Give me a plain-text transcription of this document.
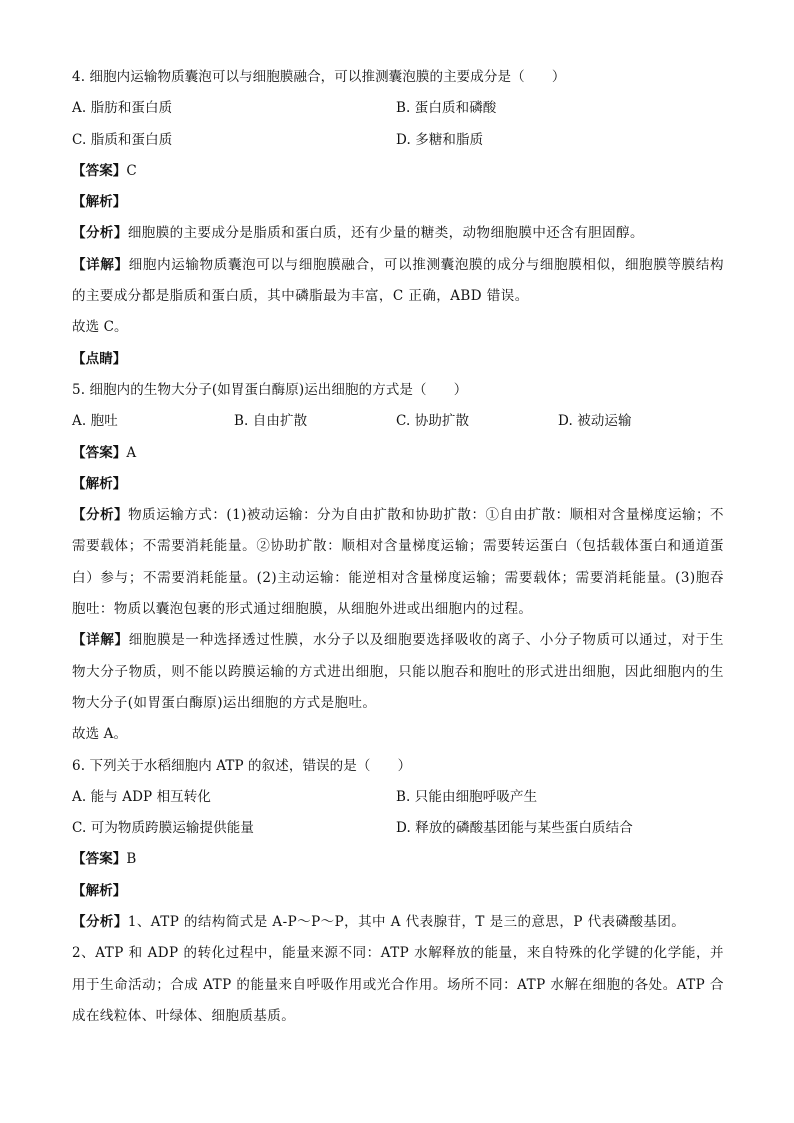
4. 细胞内运输物质囊泡可以与细胞膜融合，可以推测囊泡膜的主要成分是（　　）
A. 脂肪和蛋白质	B. 蛋白质和磷酸
C. 脂质和蛋白质	D. 多糖和脂质
【答案】C
【解析】
【分析】细胞膜的主要成分是脂质和蛋白质，还有少量的糖类，动物细胞膜中还含有胆固醇。
【详解】细胞内运输物质囊泡可以与细胞膜融合，可以推测囊泡膜的成分与细胞膜相似，细胞膜等膜结构的主要成分都是脂质和蛋白质，其中磷脂最为丰富，C 正确，ABD 错误。
故选 C。
【点睛】
5. 细胞内的生物大分子(如胃蛋白酶原)运出细胞的方式是（　　）
A. 胞吐	B. 自由扩散	C. 协助扩散	D. 被动运输
【答案】A
【解析】
【分析】物质运输方式：(1)被动运输：分为自由扩散和协助扩散：①自由扩散：顺相对含量梯度运输；不需要载体；不需要消耗能量。②协助扩散：顺相对含量梯度运输；需要转运蛋白（包括载体蛋白和通道蛋白）参与；不需要消耗能量。(2)主动运输：能逆相对含量梯度运输；需要载体；需要消耗能量。(3)胞吞胞吐：物质以囊泡包裹的形式通过细胞膜，从细胞外进或出细胞内的过程。
【详解】细胞膜是一种选择透过性膜，水分子以及细胞要选择吸收的离子、小分子物质可以通过，对于生物大分子物质，则不能以跨膜运输的方式进出细胞，只能以胞吞和胞吐的形式进出细胞，因此细胞内的生物大分子(如胃蛋白酶原)运出细胞的方式是胞吐。
故选 A。
6. 下列关于水稻细胞内 ATP 的叙述，错误的是（　　）
A. 能与 ADP 相互转化	B. 只能由细胞呼吸产生
C. 可为物质跨膜运输提供能量	D. 释放的磷酸基团能与某些蛋白质结合
【答案】B
【解析】
【分析】1、ATP 的结构简式是 A-P～P～P，其中 A 代表腺苷，T 是三的意思，P 代表磷酸基团。
2、ATP 和 ADP 的转化过程中，能量来源不同：ATP 水解释放的能量，来自特殊的化学键的化学能，并用于生命活动；合成 ATP 的能量来自呼吸作用或光合作用。场所不同：ATP 水解在细胞的各处。ATP 合成在线粒体、叶绿体、细胞质基质。
